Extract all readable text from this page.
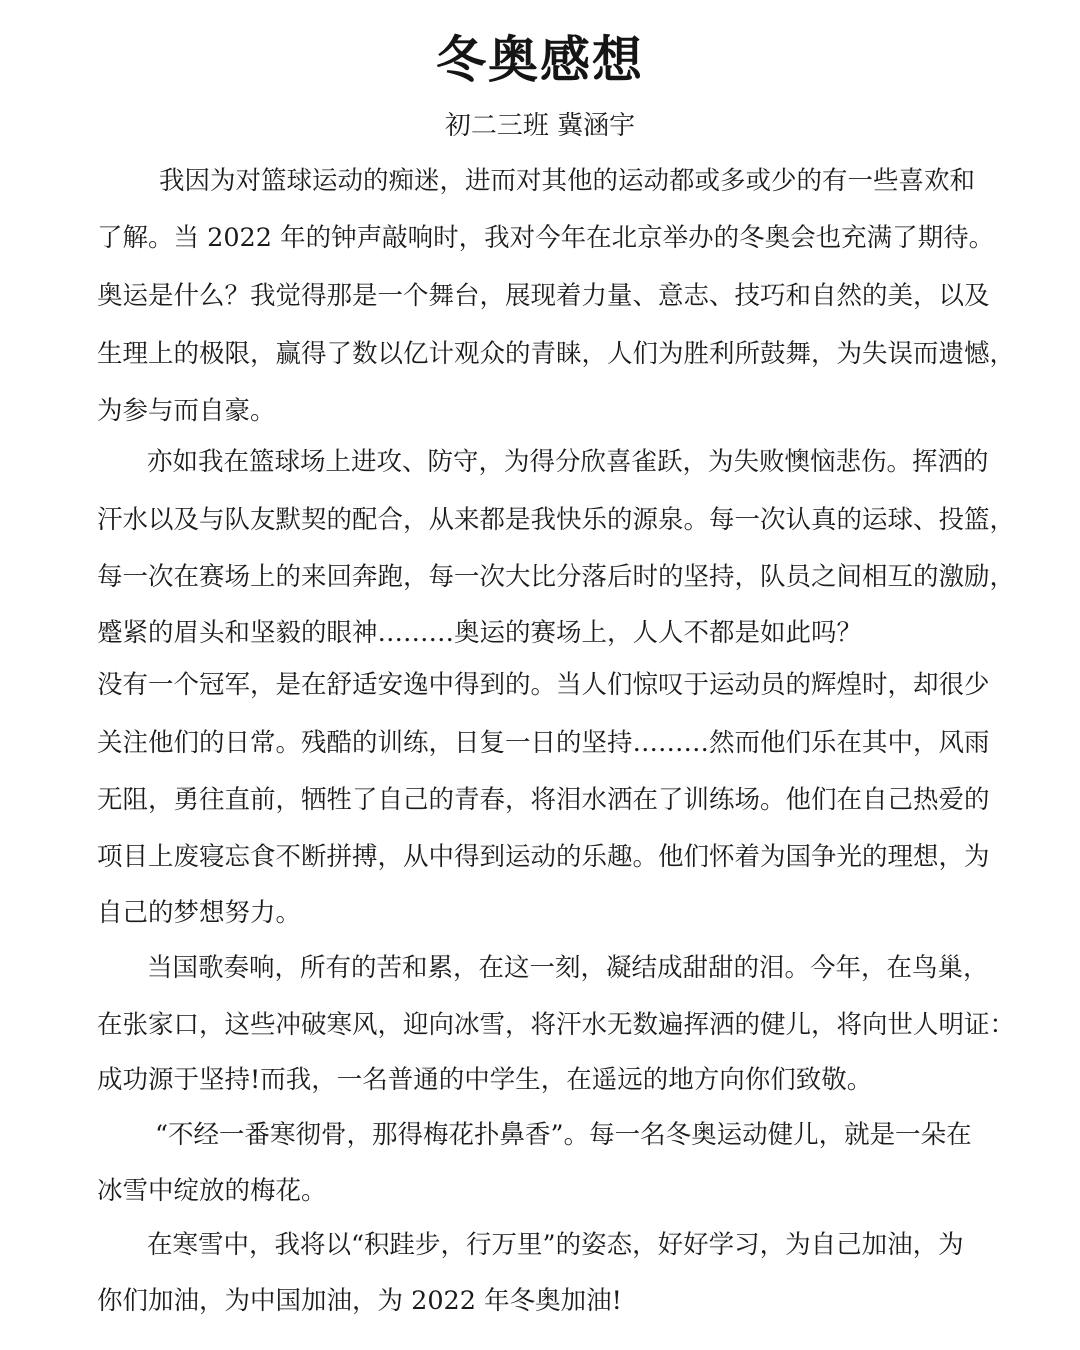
冬奥感想
初二三班 冀涵宇
我因为对篮球运动的痴迷，进而对其他的运动都或多或少的有一些喜欢和
了解。当 2022 年的钟声敲响时，我对今年在北京举办的冬奥会也充满了期待。
奥运是什么？我觉得那是一个舞台，展现着力量、意志、技巧和自然的美，以及
生理上的极限，赢得了数以亿计观众的青睐，人们为胜利所鼓舞，为失误而遗憾，
为参与而自豪。
亦如我在篮球场上进攻、防守，为得分欣喜雀跃，为失败懊恼悲伤。挥洒的
汗水以及与队友默契的配合，从来都是我快乐的源泉。每一次认真的运球、投篮，
每一次在赛场上的来回奔跑，每一次大比分落后时的坚持，队员之间相互的激励，
蹙紧的眉头和坚毅的眼神………奥运的赛场上，人人不都是如此吗？
没有一个冠军，是在舒适安逸中得到的。当人们惊叹于运动员的辉煌时，却很少
关注他们的日常。残酷的训练，日复一日的坚持………然而他们乐在其中，风雨
无阻，勇往直前，牺牲了自己的青春，将泪水洒在了训练场。他们在自己热爱的
项目上废寝忘食不断拼搏，从中得到运动的乐趣。他们怀着为国争光的理想，为
自己的梦想努力。
当国歌奏响，所有的苦和累，在这一刻，凝结成甜甜的泪。今年，在鸟巢，
在张家口，这些冲破寒风，迎向冰雪，将汗水无数遍挥洒的健儿，将向世人明证：
成功源于坚持!而我，一名普通的中学生，在遥远的地方向你们致敬。
“不经一番寒彻骨，那得梅花扑鼻香”。每一名冬奥运动健儿，就是一朵在
冰雪中绽放的梅花。
在寒雪中，我将以“积跬步，行万里”的姿态，好好学习，为自己加油，为
你们加油，为中国加油，为 2022 年冬奥加油!
